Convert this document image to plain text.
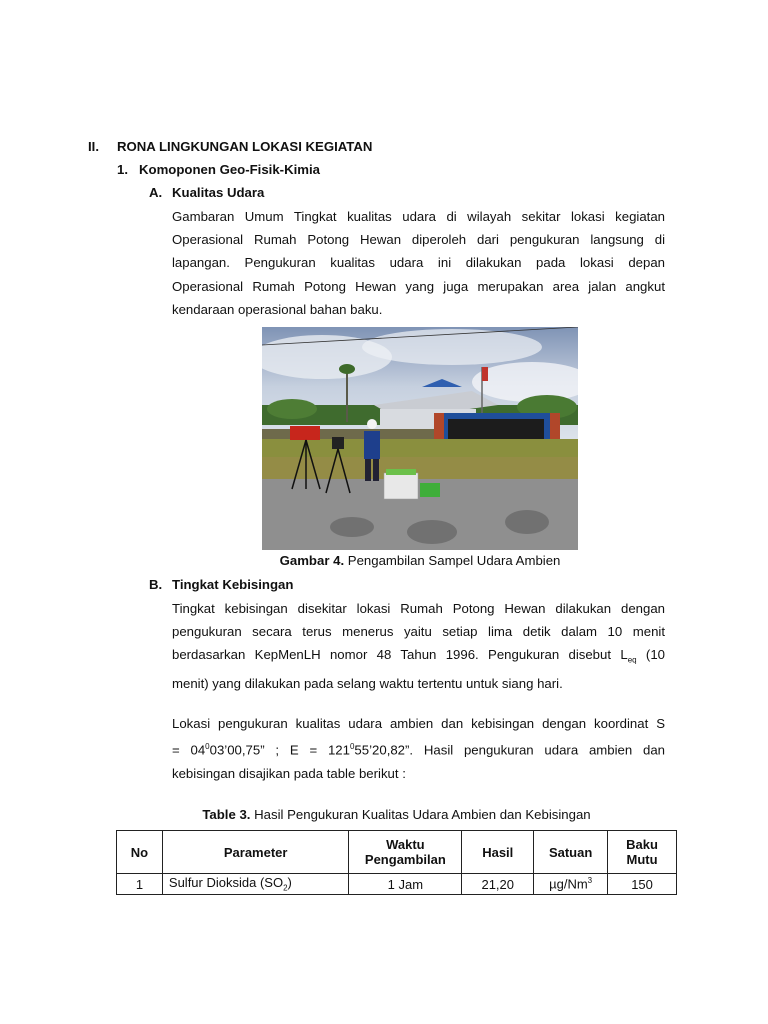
II. RONA LINGKUNGAN LOKASI KEGIATAN
1. Komoponen Geo-Fisik-Kimia
A. Kualitas Udara
Gambaran Umum Tingkat kualitas udara di wilayah sekitar lokasi kegiatan
Operasional Rumah Potong Hewan diperoleh dari pengukuran langsung di
lapangan. Pengukuran kualitas udara ini dilakukan pada lokasi depan
Operasional Rumah Potong Hewan yang juga merupakan area jalan angkut
kendaraan operasional bahan baku.
Gambar 4. Pengambilan Sampel Udara Ambien
B. Tingkat Kebisingan
Tingkat kebisingan disekitar lokasi Rumah Potong Hewan dilakukan dengan
pengukuran secara terus menerus yaitu setiap lima detik dalam 10 menit
berdasarkan KepMenLH nomor 48 Tahun 1996. Pengukuran disebut $L_{eq}$ (10
menit) yang dilakukan pada selang waktu tertentu untuk siang hari.
Lokasi pengukuran kualitas udara ambien dan kebisingan dengan koordinat S
= $04^003’00,75$” ; $E = 121^055’20,82$”. Hasil pengukuran udara ambien dan
kebisingan disajikan pada table berikut :
Table 3. Hasil Pengukuran Kualitas Udara Ambien dan Kebisingan
No	Parameter	Waktu Pengambilan	Hasil	Satuan	Baku Mutu
1	Sulfur Dioksida $(SO_2)$	1 Jam	21,20	µg/Nm$^3$	150
